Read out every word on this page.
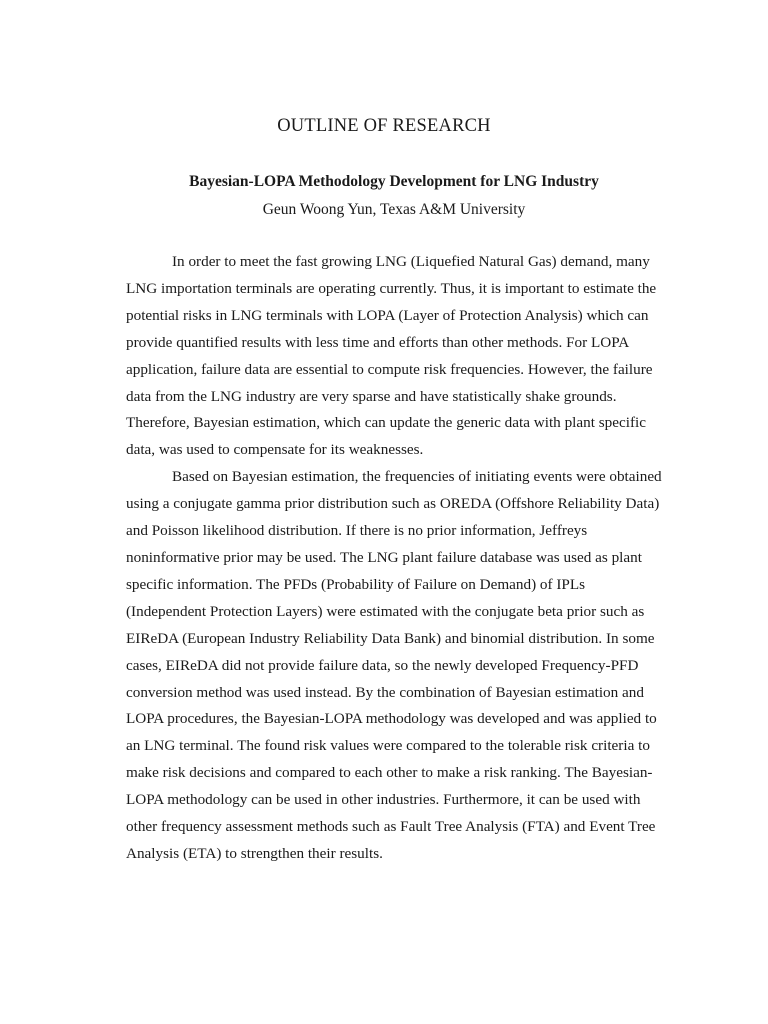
OUTLINE OF RESEARCH
Bayesian-LOPA Methodology Development for LNG Industry

Geun Woong Yun, Texas A&M University

In order to meet the fast growing LNG (Liquefied Natural Gas) demand, many LNG importation terminals are operating currently. Thus, it is important to estimate the potential risks in LNG terminals with LOPA (Layer of Protection Analysis) which can provide quantified results with less time and efforts than other methods. For LOPA application, failure data are essential to compute risk frequencies. However, the failure data from the LNG industry are very sparse and have statistically shake grounds. Therefore, Bayesian estimation, which can update the generic data with plant specific data, was used to compensate for its weaknesses.

Based on Bayesian estimation, the frequencies of initiating events were obtained using a conjugate gamma prior distribution such as OREDA (Offshore Reliability Data) and Poisson likelihood distribution. If there is no prior information, Jeffreys noninformative prior may be used. The LNG plant failure database was used as plant specific information. The PFDs (Probability of Failure on Demand) of IPLs (Independent Protection Layers) were estimated with the conjugate beta prior such as EIReDA (European Industry Reliability Data Bank) and binomial distribution. In some cases, EIReDA did not provide failure data, so the newly developed Frequency-PFD conversion method was used instead. By the combination of Bayesian estimation and LOPA procedures, the Bayesian-LOPA methodology was developed and was applied to an LNG terminal. The found risk values were compared to the tolerable risk criteria to make risk decisions and compared to each other to make a risk ranking. The Bayesian-LOPA methodology can be used in other industries. Furthermore, it can be used with other frequency assessment methods such as Fault Tree Analysis (FTA) and Event Tree Analysis (ETA) to strengthen their results.
